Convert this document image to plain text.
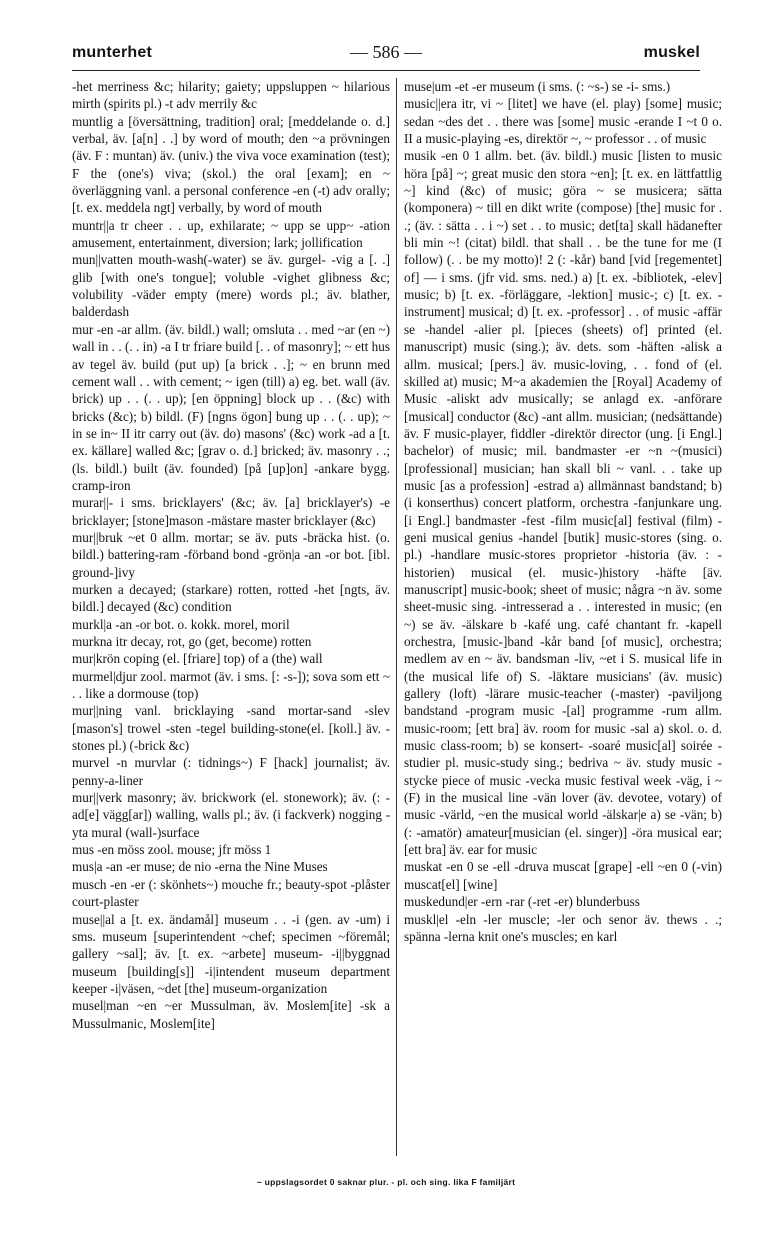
munterhet	— 586 —	muskel

-het merriness &c; hilarity; gaiety; uppsluppen ~ hilarious mirth (spirits pl.) -t adv merrily &c

muntlig a [översättning, tradition] oral; [meddelande o. d.] verbal, äv. [a[n] . .] by word of mouth; den ~a prövningen (äv. F : muntan) äv. (univ.) the viva voce examination (test); F the (one's) viva; (skol.) the oral [exam]; en ~ överläggning vanl. a personal conference -en (-t) adv orally; [t. ex. meddela ngt] verbally, by word of mouth

muntr||a tr cheer . . up, exhilarate; ~ upp se upp~ -ation amusement, entertainment, diversion; lark; jollification

mun||vatten mouth-wash(-water) se äv. gurgel- -vig a [. .] glib [with one's tongue]; voluble -vighet glibness &c; volubility -väder empty (mere) words pl.; äv. blather, balderdash

mur -en -ar allm. (äv. bildl.) wall; omsluta . . med ~ar (en ~) wall in . . (. . in) -a I tr friare build [. . of masonry]; ~ ett hus av tegel äv. build (put up) [a brick . .]; ~ en brunn med cement wall . . with cement; ~ igen (till) a) eg. bet. wall (äv. brick) up . . (. . up); [en öppning] block up . . (&c) with bricks (&c); b) bildl. (F) [ngns ögon] bung up . . (. . up); ~ in se in~ II itr carry out (äv. do) masons' (&c) work -ad a [t. ex. källare] walled &c; [grav o. d.] bricked; äv. masonry . .; (ls. bildl.) built (äv. founded) [på [up]on] -ankare bygg. cramp-iron

murar||- i sms. bricklayers' (&c; äv. [a] bricklayer's) -e bricklayer; [stone]mason -mästare master bricklayer (&c)

mur||bruk ~et 0 allm. mortar; se äv. puts -bräcka hist. (o. bildl.) battering-ram -förband bond -grön|a -an -or bot. [ibl. ground-]ivy

murken a decayed; (starkare) rotten, rotted -het [ngts, äv. bildl.] decayed (&c) condition

murkl|a -an -or bot. o. kokk. morel, moril

murkna itr decay, rot, go (get, become) rotten

mur|krön coping (el. [friare] top) of a (the) wall

murmel|djur zool. marmot (äv. i sms. [: -s-]); sova som ett ~ . . like a dormouse (top)

mur||ning vanl. bricklaying -sand mortar-sand -slev [mason's] trowel -sten -tegel building-stone(el. [koll.] äv. -stones pl.) (-brick &c)

murvel -n murvlar (: tidnings~) F [hack] journalist; äv. penny-a-liner

mur||verk masonry; äv. brickwork (el. stonework); äv. (: -ad[e] vägg[ar]) walling, walls pl.; äv. (i fackverk) nogging -yta mural (wall-)surface

mus -en möss zool. mouse; jfr möss 1

mus|a -an -er muse; de nio -erna the Nine Muses

musch -en -er (: skönhets~) mouche fr.; beauty-spot -plåster court-plaster

muse||al a [t. ex. ändamål] museum . . -i (gen. av -um) i sms. museum [superintendent ~chef; specimen ~föremål; gallery ~sal]; äv. [t. ex. ~arbete] museum- -i||byggnad museum [building[s]] -i|intendent museum department keeper -i|väsen, ~det [the] museum-organization

musel|man ~en ~er Mussulman, äv. Moslem[ite] -sk a Mussulmanic, Moslem[ite]

muse|um -et -er museum (i sms. (: ~s-) se -i- sms.)

music||era itr, vi ~ [litet] we have (el. play) [some] music; sedan ~des det . . there was [some] music -erande I ~t 0 o. II a music-playing -es, direktör ~, ~ professor . . of music

musik -en 0 1 allm. bet. (äv. bildl.) music [listen to music höra [på] ~; great music den stora ~en]; [t. ex. en lättfattlig ~] kind (&c) of music; göra ~ se musicera; sätta (komponera) ~ till en dikt write (compose) [the] music for . .; (äv. : sätta . . i ~) set . . to music; det[ta] skall hädanefter bli min ~! (citat) bildl. that shall . . be the tune for me (I follow) (. . be my motto)! 2 (: -kår) band [vid [regementet] of] — i sms. (jfr vid. sms. ned.) a) [t. ex. -bibliotek, -elev] music; b) [t. ex. -förläggare, -lektion] music-; c) [t. ex. -instrument] musical; d) [t. ex. -professor] . . of music -affär se -handel -alier pl. [pieces (sheets) of] printed (el. manuscript) music (sing.); äv. dets. som -häften -alisk a allm. musical; [pers.] äv. music-loving, . . fond of (el. skilled at) music; M~a akademien the [Royal] Academy of Music -aliskt adv musically; se anlagd ex. -anförare [musical] conductor (&c) -ant allm. musician; (nedsättande) äv. F music-player, fiddler -direktör director (ung. [i Engl.] bachelor) of music; mil. bandmaster -er ~n ~(musici) [professional] musician; han skall bli ~ vanl. . . take up music [as a profession] -estrad a) allmännast bandstand; b) (i konserthus) concert platform, orchestra -fanjunkare ung. [i Engl.] bandmaster -fest -film music[al] festival (film) -geni musical genius -handel [butik] music-stores (sing. o. pl.) -handlare music-stores proprietor -historia (äv. : -historien) musical (el. music-)history -häfte [äv. manuscript] music-book; sheet of music; några ~n äv. some sheet-music sing. -intresserad a . . interested in music; (en ~) se äv. -älskare b -kafé ung. café chantant fr. -kapell orchestra, [music-]band -kår band [of music], orchestra; medlem av en ~ äv. bandsman -liv, ~et i S. musical life in (the musical life of) S. -läktare musicians' (äv. music) gallery (loft) -lärare music-teacher (-master) -paviljong bandstand -program music -[al] programme -rum allm. music-room; [ett bra] äv. room for music -sal a) skol. o. d. music class-room; b) se konsert- -soaré music[al] soirée -studier pl. music-study sing.; bedriva ~ äv. study music -stycke piece of music -vecka music festival week -väg, i ~ (F) in the musical line -vän lover (äv. devotee, votary) of music -värld, ~en the musical world -älskar|e a) se -vän; b) (: -amatör) amateur[musician (el. singer)] -öra musical ear; [ett bra] äv. ear for music

muskat -en 0 se -ell -druva muscat [grape] -ell ~en 0 (-vin) muscat[el] [wine]

muskedund|er -ern -rar (-ret -er) blunderbuss

muskl|el -eln -ler muscle; -ler och senor äv. thews . .; spänna -lerna knit one's muscles; en karl

~ uppslagsordet 0 saknar plur. - pl. och sing. lika F familjärt
